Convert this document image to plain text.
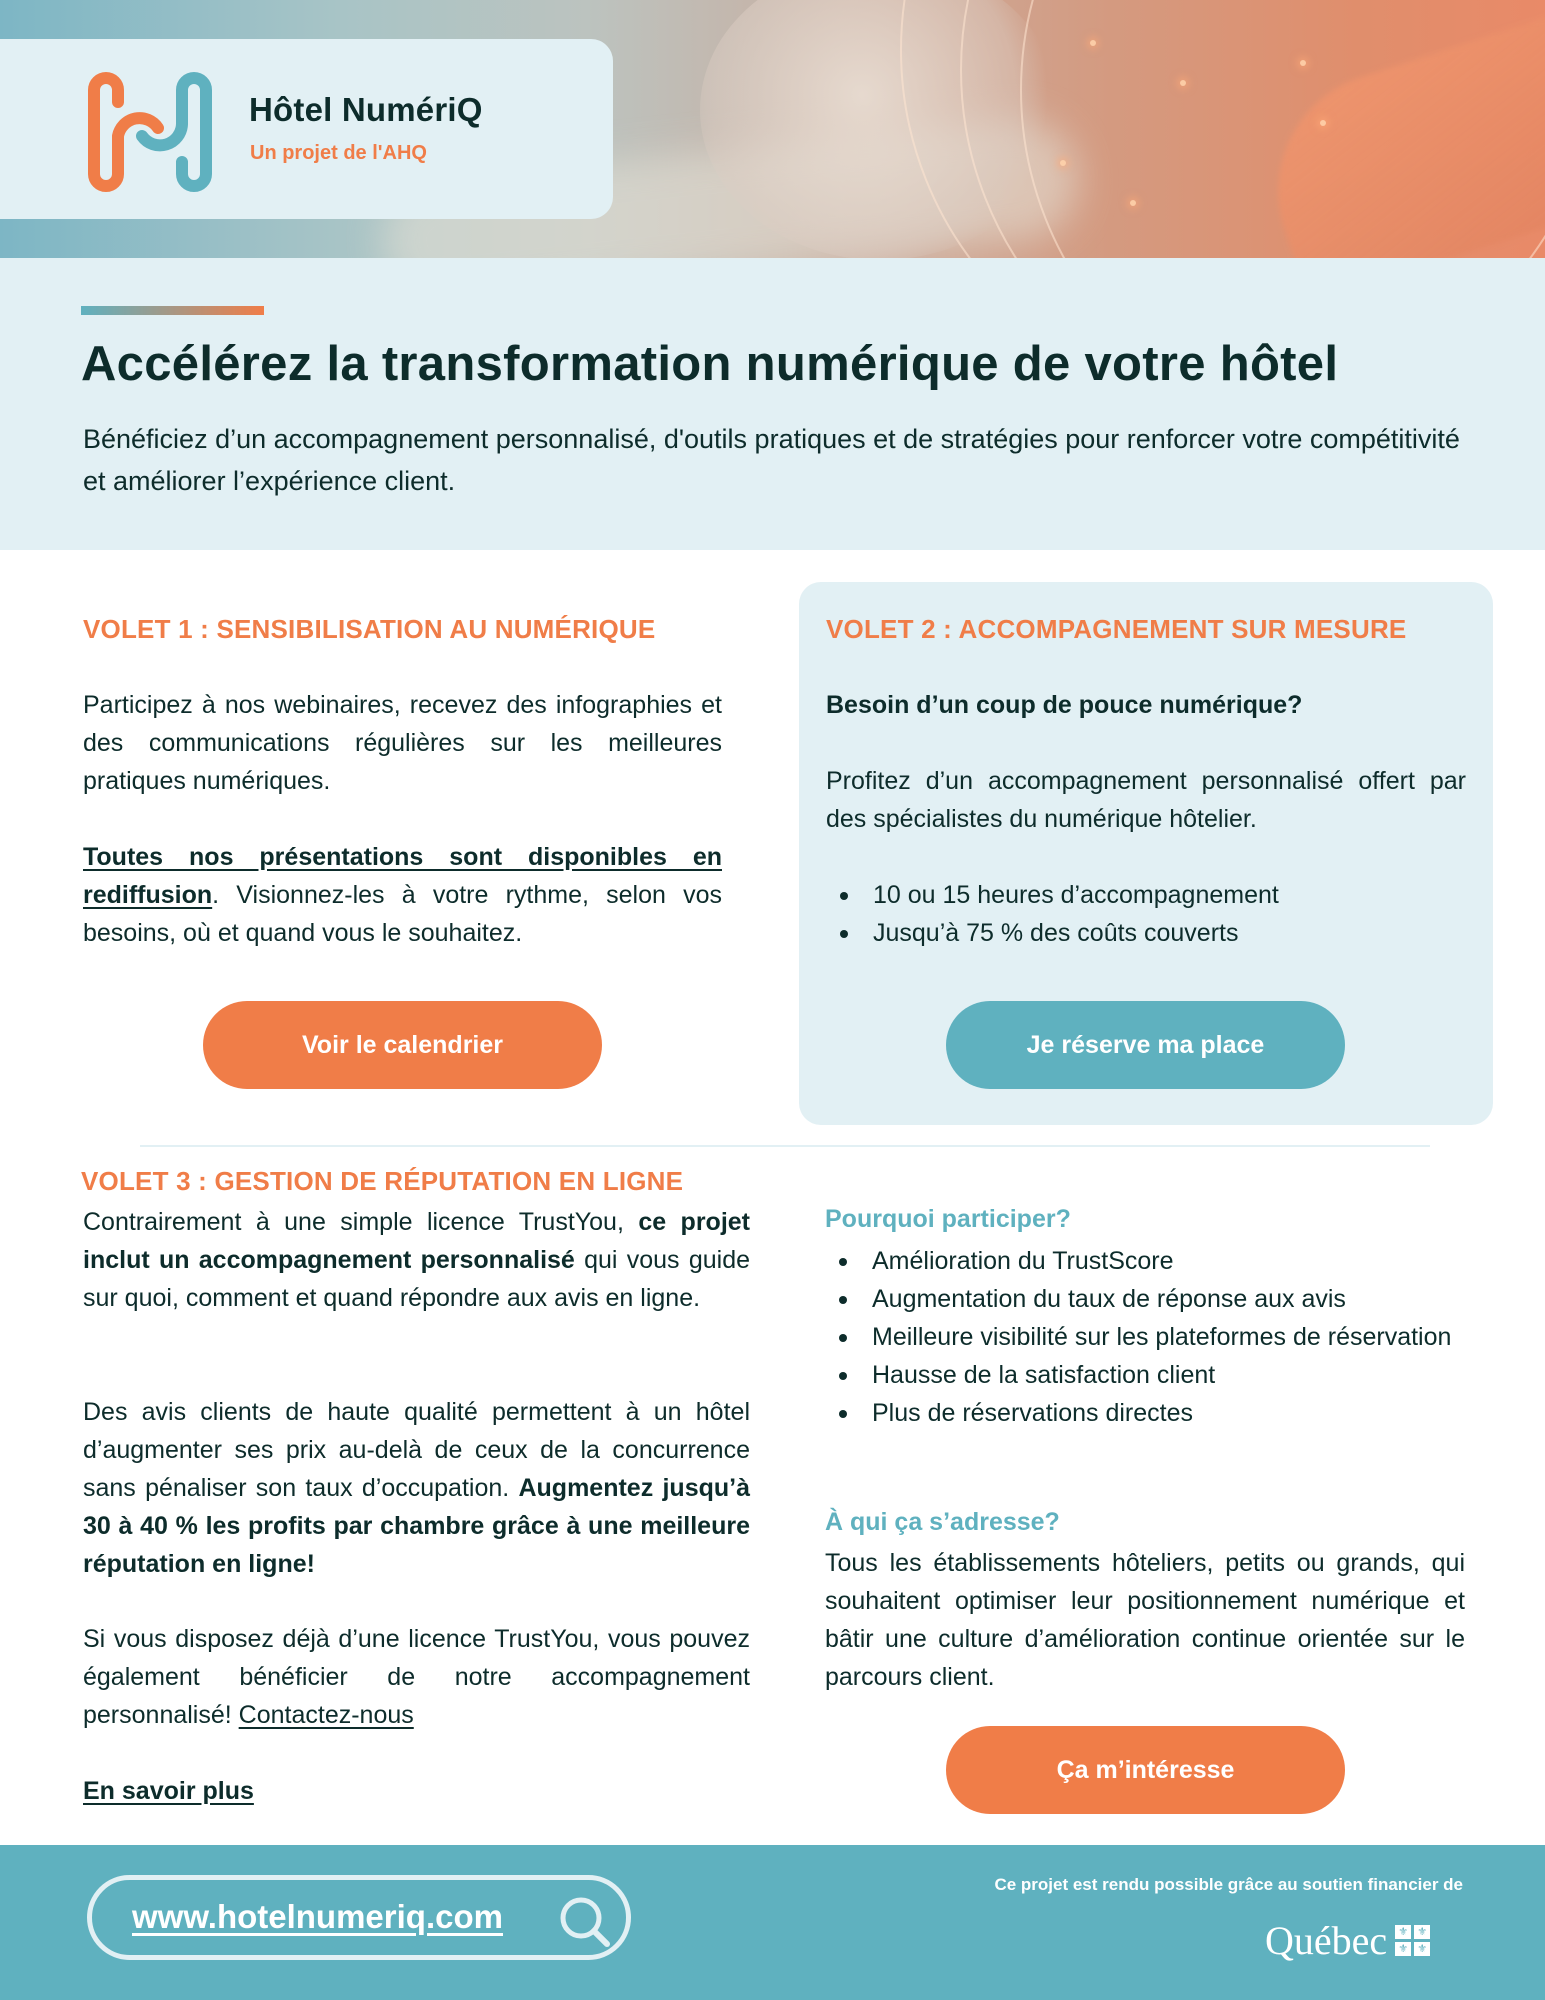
Hôtel NumériQ
Un projet de l'AHQ
Accélérez la transformation numérique de votre hôtel

Bénéficiez d’un accompagnement personnalisé, d'outils pratiques et de stratégies pour renforcer votre compétitivité et améliorer l’expérience client.

VOLET 1 : SENSIBILISATION AU NUMÉRIQUE
Participez à nos webinaires, recevez des infographies et des communications régulières sur les meilleures pratiques numériques.
Toutes nos présentations sont disponibles en rediffusion. Visionnez-les à votre rythme, selon vos besoins, où et quand vous le souhaitez.
Voir le calendrier
VOLET 2 : ACCOMPAGNEMENT SUR MESURE
Besoin d’un coup de pouce numérique?
Profitez d’un accompagnement personnalisé offert par des spécialistes du numérique hôtelier.
10 ou 15 heures d’accompagnement
Jusqu’à 75 % des coûts couverts
Je réserve ma place
VOLET 3 : GESTION DE RÉPUTATION EN LIGNE
Contrairement à une simple licence TrustYou, ce projet inclut un accompagnement personnalisé qui vous guide sur quoi, comment et quand répondre aux avis en ligne.
Des avis clients de haute qualité permettent à un hôtel d’augmenter ses prix au-delà de ceux de la concurrence sans pénaliser son taux d’occupation. Augmentez jusqu’à 30 à 40 % les profits par chambre grâce à une meilleure réputation en ligne!
Si vous disposez déjà d’une licence TrustYou, vous pouvez également bénéficier de notre accompagnement personnalisé! Contactez-nous
En savoir plus
Pourquoi participer?
Amélioration du TrustScore
Augmentation du taux de réponse aux avis
Meilleure visibilité sur les plateformes de réservation
Hausse de la satisfaction client
Plus de réservations directes
À qui ça s’adresse?
Tous les établissements hôteliers, petits ou grands, qui souhaitent optimiser leur positionnement numérique et bâtir une culture d’amélioration continue orientée sur le parcours client.
Ça m’intéresse
www.hotelnumeriq.com
Ce projet est rendu possible grâce au soutien financier de
Québec ⚜ ⚜
⚜ ⚜
